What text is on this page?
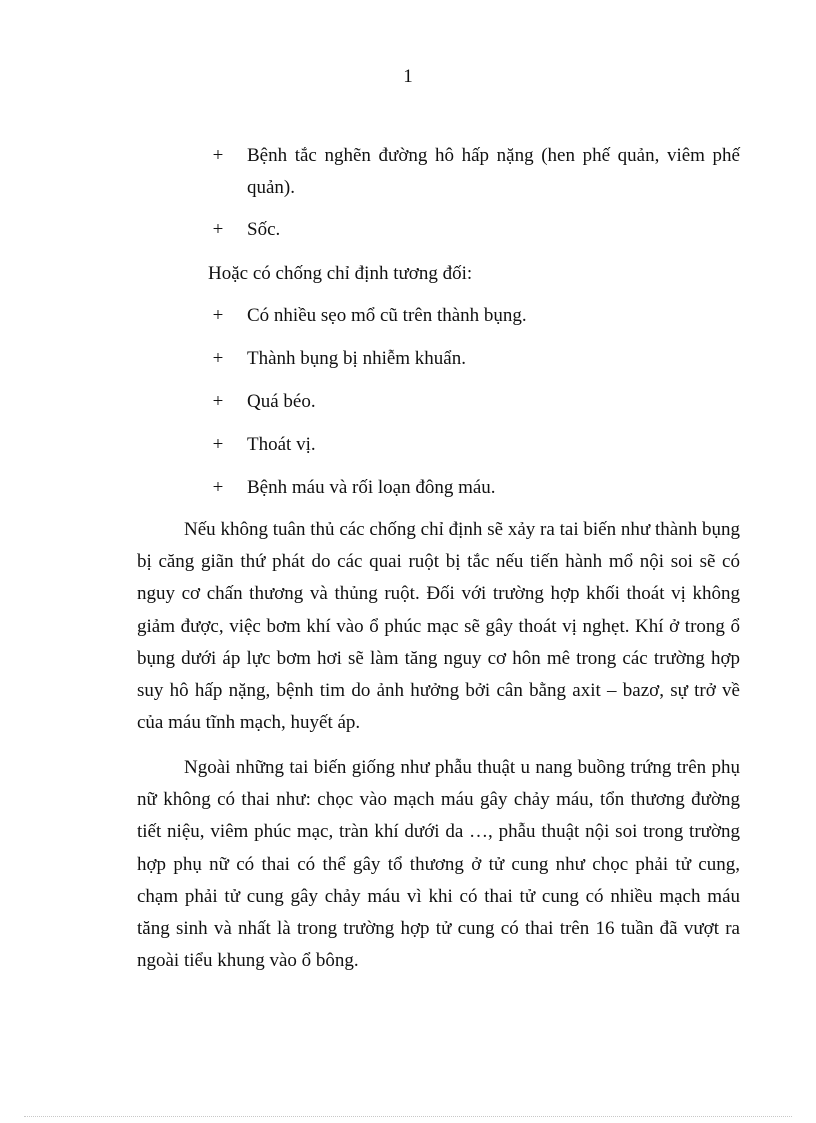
1
+ Bệnh tắc nghẽn đường hô hấp nặng (hen phế quản, viêm phế quản).
+ Sốc.
Hoặc có chống chỉ định tương đối:
+ Có nhiều sẹo mổ cũ trên thành bụng.
+ Thành bụng bị nhiễm khuẩn.
+ Quá béo.
+ Thoát vị.
+ Bệnh máu và rối loạn đông máu.
Nếu không tuân thủ các chống chỉ định sẽ xảy ra tai biến như thành bụng bị căng giãn thứ phát do các quai ruột bị tắc nếu tiến hành mổ nội soi sẽ có nguy cơ chấn thương và thủng ruột. Đối với trường hợp khối thoát vị không giảm được, việc bơm khí vào ổ phúc mạc sẽ gây thoát vị nghẹt. Khí ở trong ổ bụng dưới áp lực bơm hơi sẽ làm tăng nguy cơ hôn mê trong các trường hợp suy hô hấp nặng, bệnh tim do ảnh hưởng bởi cân bằng axit – bazơ, sự trở về của máu tĩnh mạch, huyết áp.
Ngoài những tai biến giống như phẫu thuật u nang buồng trứng trên phụ nữ không có thai như: chọc vào mạch máu gây chảy máu, tổn thương đường tiết niệu, viêm phúc mạc, tràn khí dưới da …, phẫu thuật nội soi trong trường hợp phụ nữ có thai có thể gây tổ thương ở tử cung như chọc phải tử cung, chạm phải tử cung gây chảy máu vì khi có thai tử cung có nhiều mạch máu tăng sinh và nhất là trong trường hợp tử cung có thai trên 16 tuần đã vượt ra ngoài tiểu khung vào ổ bông.
